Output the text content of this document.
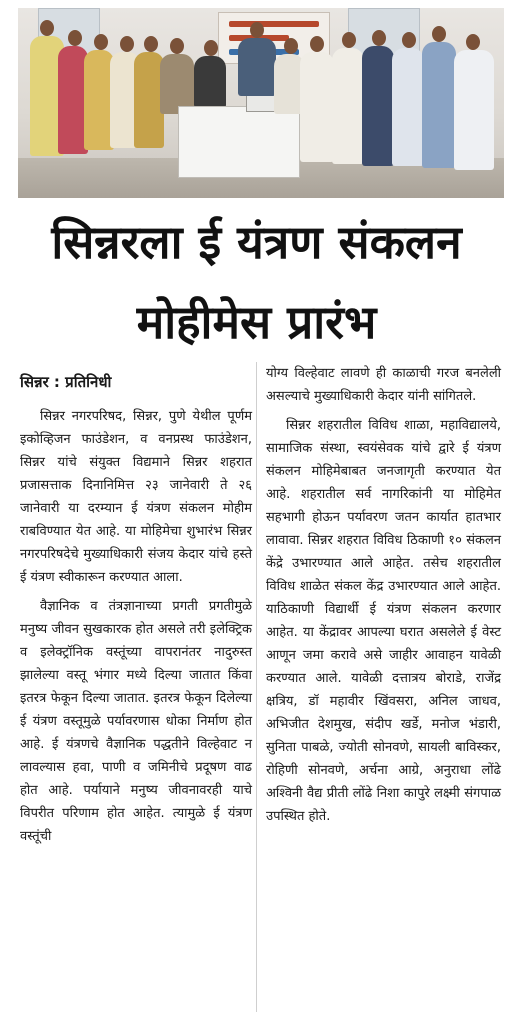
सिन्नरला ई यंत्रण संकलन
मोहीमेस प्रारंभ
सिन्नर : प्रतिनिधी

सिन्नर नगरपरिषद, सिन्नर, पुणे येथील पूर्णम इकोव्हिजन फाउंडेशन, व वनप्रस्थ फाउंडेशन, सिन्नर यांचे संयुक्त विद्यमाने सिन्नर शहरात प्रजासत्ताक दिनानिमित्त २३ जानेवारी ते २६ जानेवारी या दरम्यान ई यंत्रण संकलन मोहीम राबविण्यात येत आहे. या मोहिमेचा शुभारंभ सिन्नर नगरपरिषदेचे मुख्याधिकारी संजय केदार यांचे हस्ते ई यंत्रण स्वीकारून करण्यात आला.

वैज्ञानिक व तंत्रज्ञानाच्या प्रगती प्रगतीमुळे मनुष्य जीवन सुखकारक होत असले तरी इलेक्ट्रिक व इलेक्ट्रॉनिक वस्तूंच्या वापरानंतर नादुरुस्त झालेल्या वस्तू भंगार मध्ये दिल्या जातात किंवा इतरत्र फेकून दिल्या जातात. इतरत्र फेकून दिलेल्या ई यंत्रण वस्तूमुळे पर्यावरणास धोका निर्माण होत आहे. ई यंत्रणचे वैज्ञानिक पद्धतीने विल्हेवाट न लावल्यास हवा, पाणी व जमिनीचे प्रदूषण वाढ होत आहे. पर्यायाने मनुष्य जीवनावरही याचे विपरीत परिणाम होत आहेत. त्यामुळे ई यंत्रण वस्तूंची

योग्य विल्हेवाट लावणे ही काळाची गरज बनलेली असल्याचे मुख्याधिकारी केदार यांनी सांगितले.

सिन्नर शहरातील विविध शाळा, महाविद्यालये, सामाजिक संस्था, स्वयंसेवक यांचे द्वारे ई यंत्रण संकलन मोहिमेबाबत जनजागृती करण्यात येत आहे. शहरातील सर्व नागरिकांनी या मोहिमेत सहभागी होऊन पर्यावरण जतन कार्यात हातभार लावावा. सिन्नर शहरात विविध ठिकाणी १० संकलन केंद्रे उभारण्यात आले आहेत. तसेच शहरातील विविध शाळेत संकल केंद्र उभारण्यात आले आहेत. याठिकाणी विद्यार्थी ई यंत्रण संकलन करणार आहेत. या केंद्रावर आपल्या घरात असलेले ई वेस्ट आणून जमा करावे असे जाहीर आवाहन यावेळी करण्यात आले. यावेळी दत्तात्रय बोराडे, राजेंद्र क्षत्रिय, डॉ महावीर खिंवसरा, अनिल जाधव, अभिजीत देशमुख, संदीप खर्डे, मनोज भंडारी, सुनिता पाबळे, ज्योती सोनवणे, सायली बाविस्कर, रोहिणी सोनवणे, अर्चना आग्रे, अनुराधा लोंढे अश्विनी वैद्य प्रीती लोंढे निशा कापुरे लक्ष्मी संगपाळ उपस्थित होते.
